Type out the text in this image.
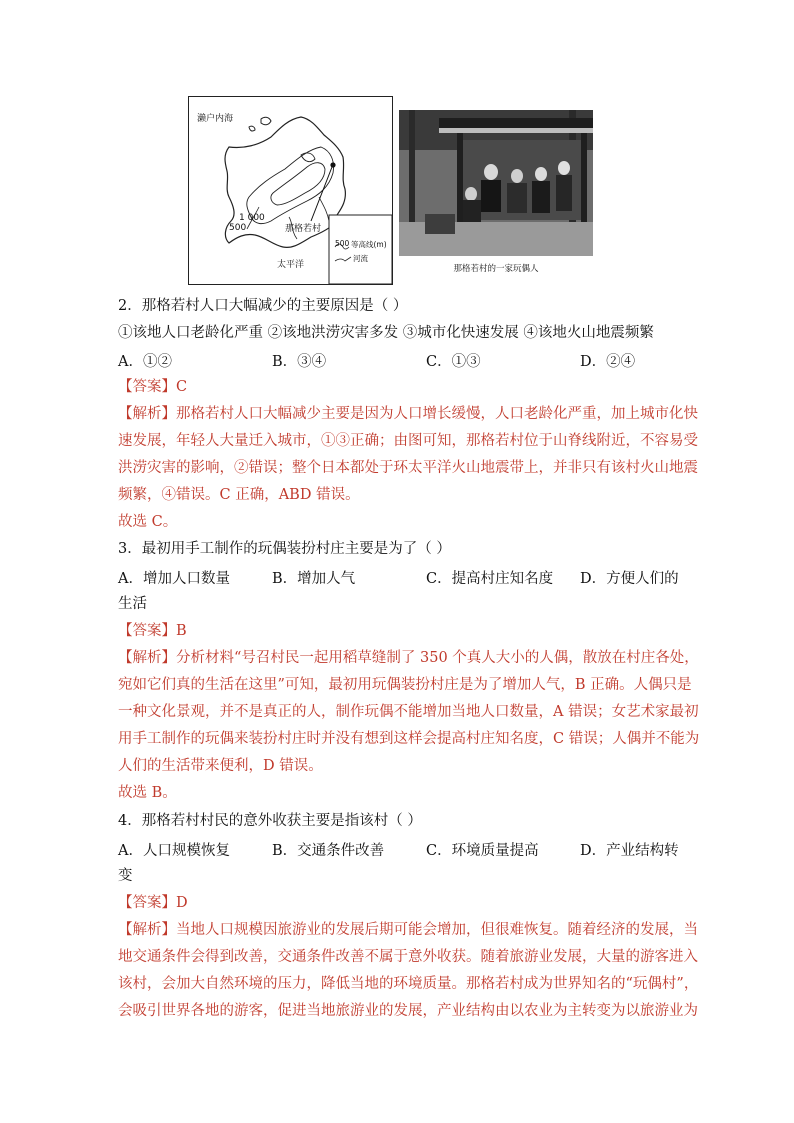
濑户内海
太平洋
那格若村
1 000
500
500 等高线(m)
河流
那格若村的一家玩偶人
2．那格若村人口大幅减少的主要原因是（ ）
①该地人口老龄化严重 ②该地洪涝灾害多发 ③城市化快速发展 ④该地火山地震频繁
A．①②	B．③④	C．①③	D．②④
【答案】C
【解析】那格若村人口大幅减少主要是因为人口增长缓慢，人口老龄化严重，加上城市化快
速发展，年轻人大量迁入城市，①③正确；由图可知，那格若村位于山脊线附近，不容易受
洪涝灾害的影响，②错误；整个日本都处于环太平洋火山地震带上，并非只有该村火山地震
频繁，④错误。C 正确，ABD 错误。
故选 C。
3．最初用手工制作的玩偶装扮村庄主要是为了（ ）
A．增加人口数量	B．增加人气	C．提高村庄知名度 D．方便人们的
生活
【答案】B
【解析】分析材料“号召村民一起用稻草缝制了 350 个真人大小的人偶，散放在村庄各处，
宛如它们真的生活在这里”可知，最初用玩偶装扮村庄是为了增加人气，B 正确。人偶只是
一种文化景观，并不是真正的人，制作玩偶不能增加当地人口数量，A 错误；女艺术家最初
用手工制作的玩偶来装扮村庄时并没有想到这样会提高村庄知名度，C 错误；人偶并不能为
人们的生活带来便利，D 错误。
故选 B。
4．那格若村村民的意外收获主要是指该村（ ）
A．人口规模恢复	B．交通条件改善	C．环境质量提高	D．产业结构转
变
【答案】D
【解析】当地人口规模因旅游业的发展后期可能会增加，但很难恢复。随着经济的发展，当
地交通条件会得到改善，交通条件改善不属于意外收获。随着旅游业发展，大量的游客进入
该村，会加大自然环境的压力，降低当地的环境质量。那格若村成为世界知名的“玩偶村”，
会吸引世界各地的游客，促进当地旅游业的发展，产业结构由以农业为主转变为以旅游业为
